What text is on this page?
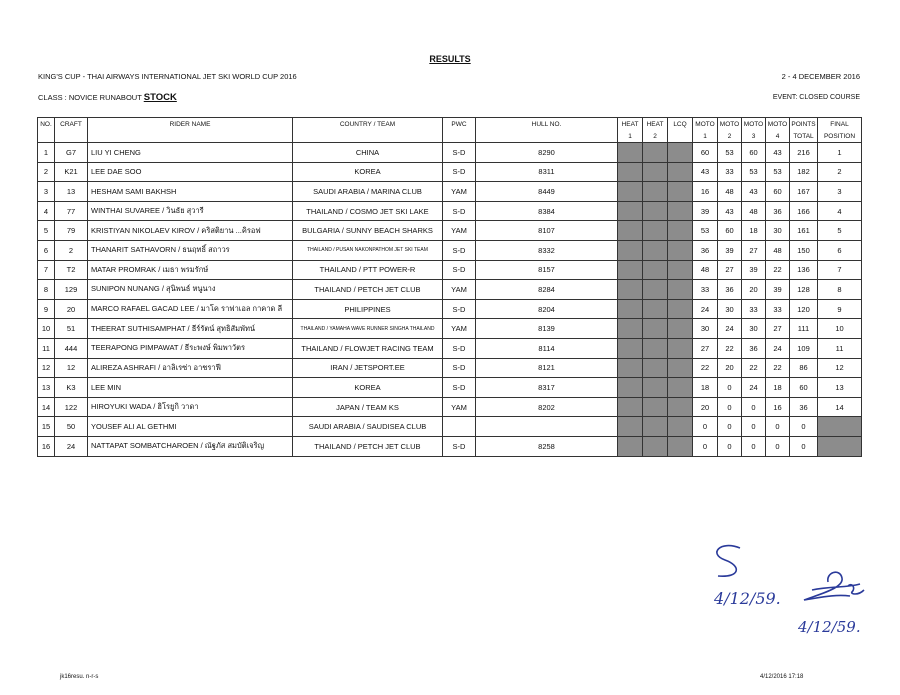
RESULTS
KING'S CUP - THAI AIRWAYS INTERNATIONAL JET SKI WORLD CUP 2016	2 - 4 DECEMBER 2016
CLASS : NOVICE RUNABOUT STOCK	EVENT: CLOSED COURSE
NO.	CRAFT	RIDER NAME	COUNTRY / TEAM	PWC	HULL NO.	HEAT	HEAT	LCQ	MOTO	MOTO	MOTO	MOTO	POINTS	FINAL
						1	2		1	2	3	4	TOTAL	POSITION
1	G7	LIU YI CHENG	CHINA	S-D	8290				60	53	60	43	216	1
2	K21	LEE DAE SOO	KOREA	S-D	8311				43	33	53	53	182	2
3	13	HESHAM SAMI BAKHSH	SAUDI ARABIA / MARINA CLUB	YAM	8449				16	48	43	60	167	3
4	77	WINTHAI SUVAREE / วินธัย สุวารี	THAILAND / COSMO JET SKI LAKE	S-D	8384				39	43	48	36	166	4
5	79	KRISTIYAN NIKOLAEV KIROV / คริสติยาน ...คิรอฟ	BULGARIA / SUNNY BEACH SHARKS	YAM	8107				53	60	18	30	161	5
6	2	THANARIT SATHAVORN / ธนฤทธิ์ สถาวร	THAILAND / PUSAN NAKONPATHOM JET SKI TEAM	S-D	8332				36	39	27	48	150	6
7	T2	MATAR PROMRAK / เมธา พรมรักษ์	THAILAND / PTT POWER-R	S-D	8157				48	27	39	22	136	7
8	129	SUNIPON NUNANG / สุนิพนธ์ หนูนาง	THAILAND / PETCH JET CLUB	YAM	8284				33	36	20	39	128	8
9	20	MARCO RAFAEL GACAD LEE / มาโค ราฟาเอล กาคาด ลี	PHILIPPINES	S-D	8204				24	30	33	33	120	9
10	51	THEERAT SUTHISAMPHAT / ธีร์รัตน์ สุทธิสัมพัทน์	THAILAND / YAMAHA WAVE RUNNER SINGHA THAILAND	YAM	8139				30	24	30	27	111	10
11	444	TEERAPONG PIMPAWAT / ธีระพงษ์ พิมพาวัตร	THAILAND / FLOWJET RACING TEAM	S-D	8114				27	22	36	24	109	11
12	12	ALIREZA ASHRAFI / อาลิเรซ่า อาชราฟี	IRAN / JETSPORT.EE	S-D	8121				22	20	22	22	86	12
13	K3	LEE MIN	KOREA	S-D	8317				18	0	24	18	60	13
14	122	HIROYUKI WADA / ฮิโรยูกิ วาดา	JAPAN / TEAM KS	YAM	8202				20	0	0	16	36	14
15	50	YOUSEF ALI AL GETHMI	SAUDI ARABIA / SAUDISEA CLUB						0	0	0	0	0	
16	24	NATTAPAT SOMBATCHAROEN / ณัฐภัส สมบัติเจริญ	THAILAND / PETCH JET CLUB	S-D	8258				0	0	0	0	0	
4/12/59.
4/12/59.
jk16resu. n-r-s	4/12/2016 17:18
